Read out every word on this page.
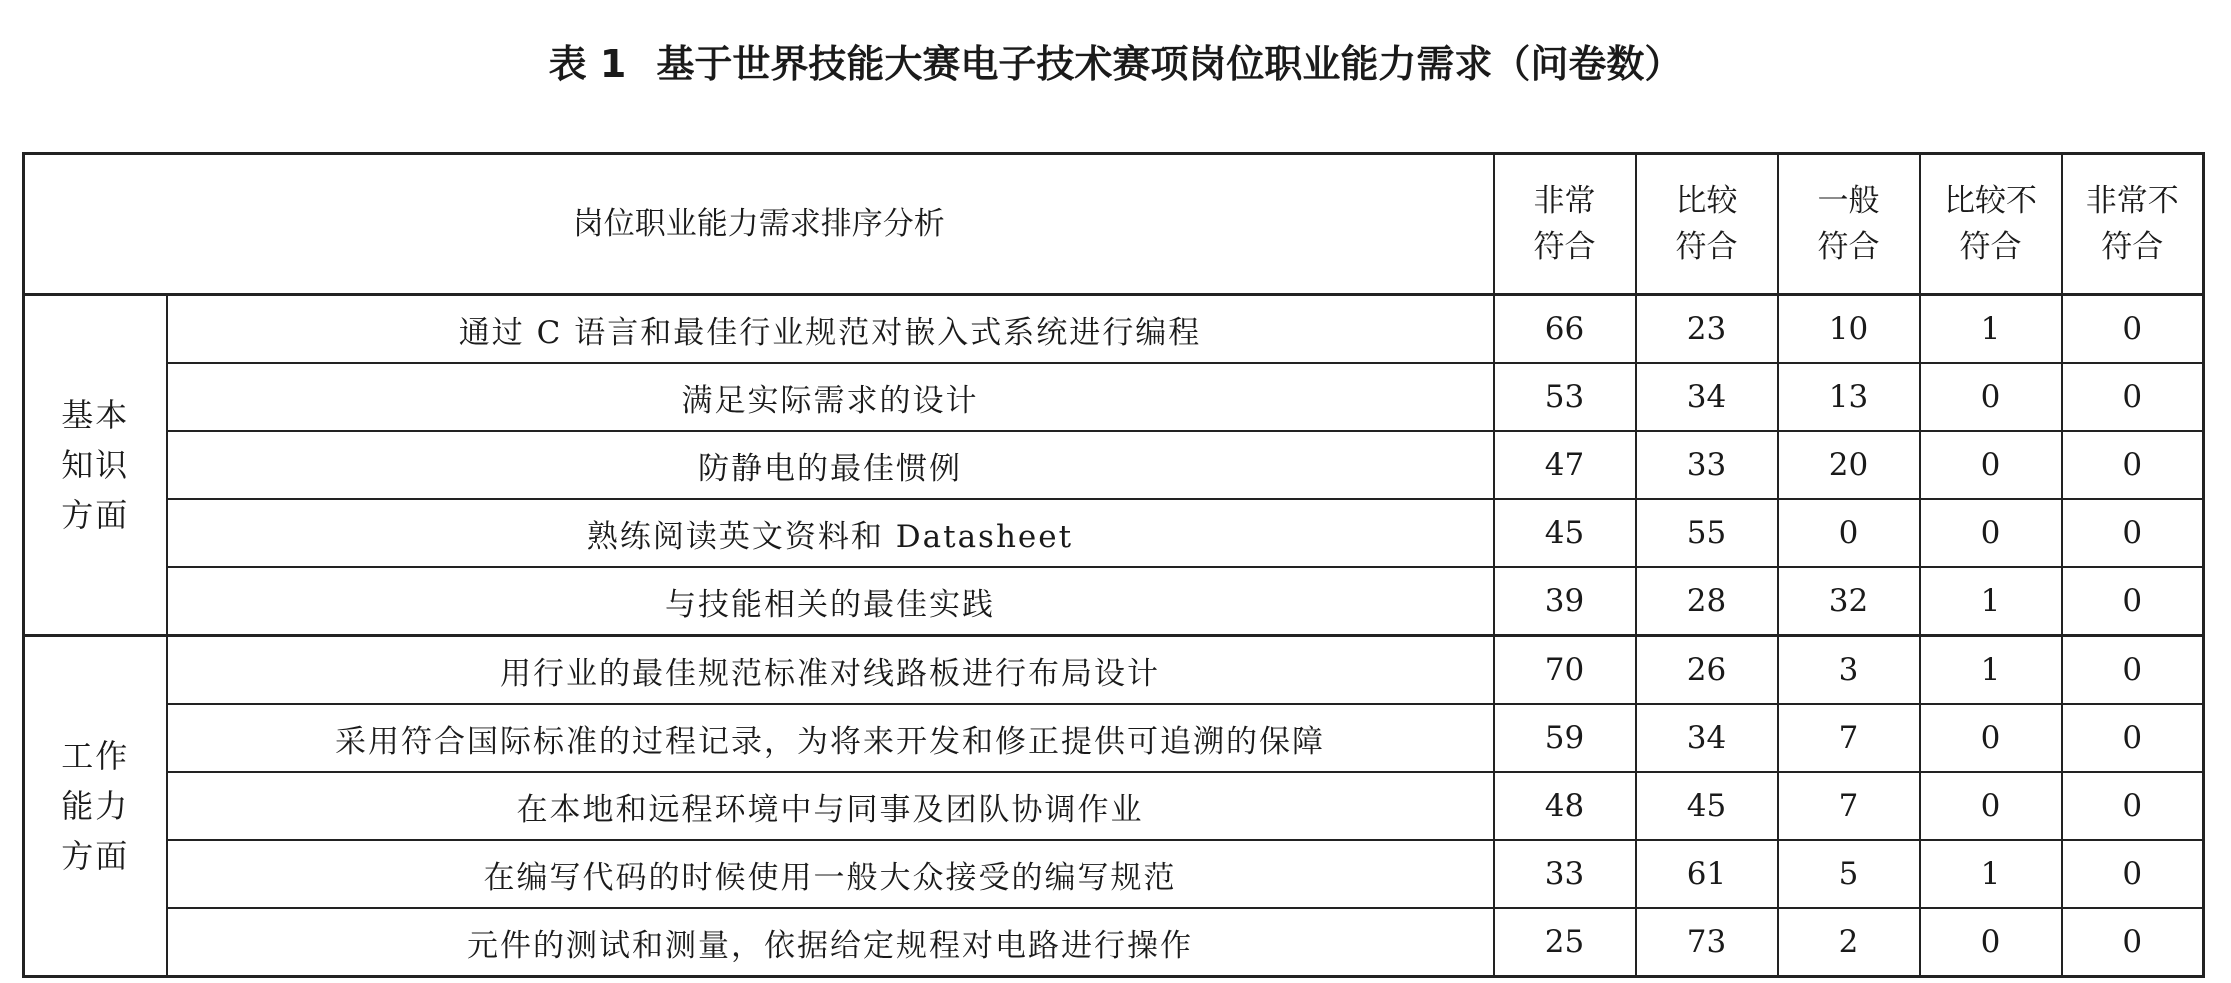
表 1 基于世界技能大赛电子技术赛项岗位职业能力需求（问卷数）
岗位职业能力需求排序分析		非常符合	比较符合	一般符合	比较不符合	非常不符合
基本知识方面	通过 C 语言和最佳行业规范对嵌入式系统进行编程	66	23	10	1	0
	满足实际需求的设计	53	34	13	0	0
	防静电的最佳惯例	47	33	20	0	0
	熟练阅读英文资料和 Datasheet	45	55	0	0	0
	与技能相关的最佳实践	39	28	32	1	0
工作能力方面	用行业的最佳规范标准对线路板进行布局设计	70	26	3	1	0
	采用符合国际标准的过程记录，为将来开发和修正提供可追溯的保障	59	34	7	0	0
	在本地和远程环境中与同事及团队协调作业	48	45	7	0	0
	在编写代码的时候使用一般大众接受的编写规范	33	61	5	1	0
	元件的测试和测量，依据给定规程对电路进行操作	25	73	2	0	0
